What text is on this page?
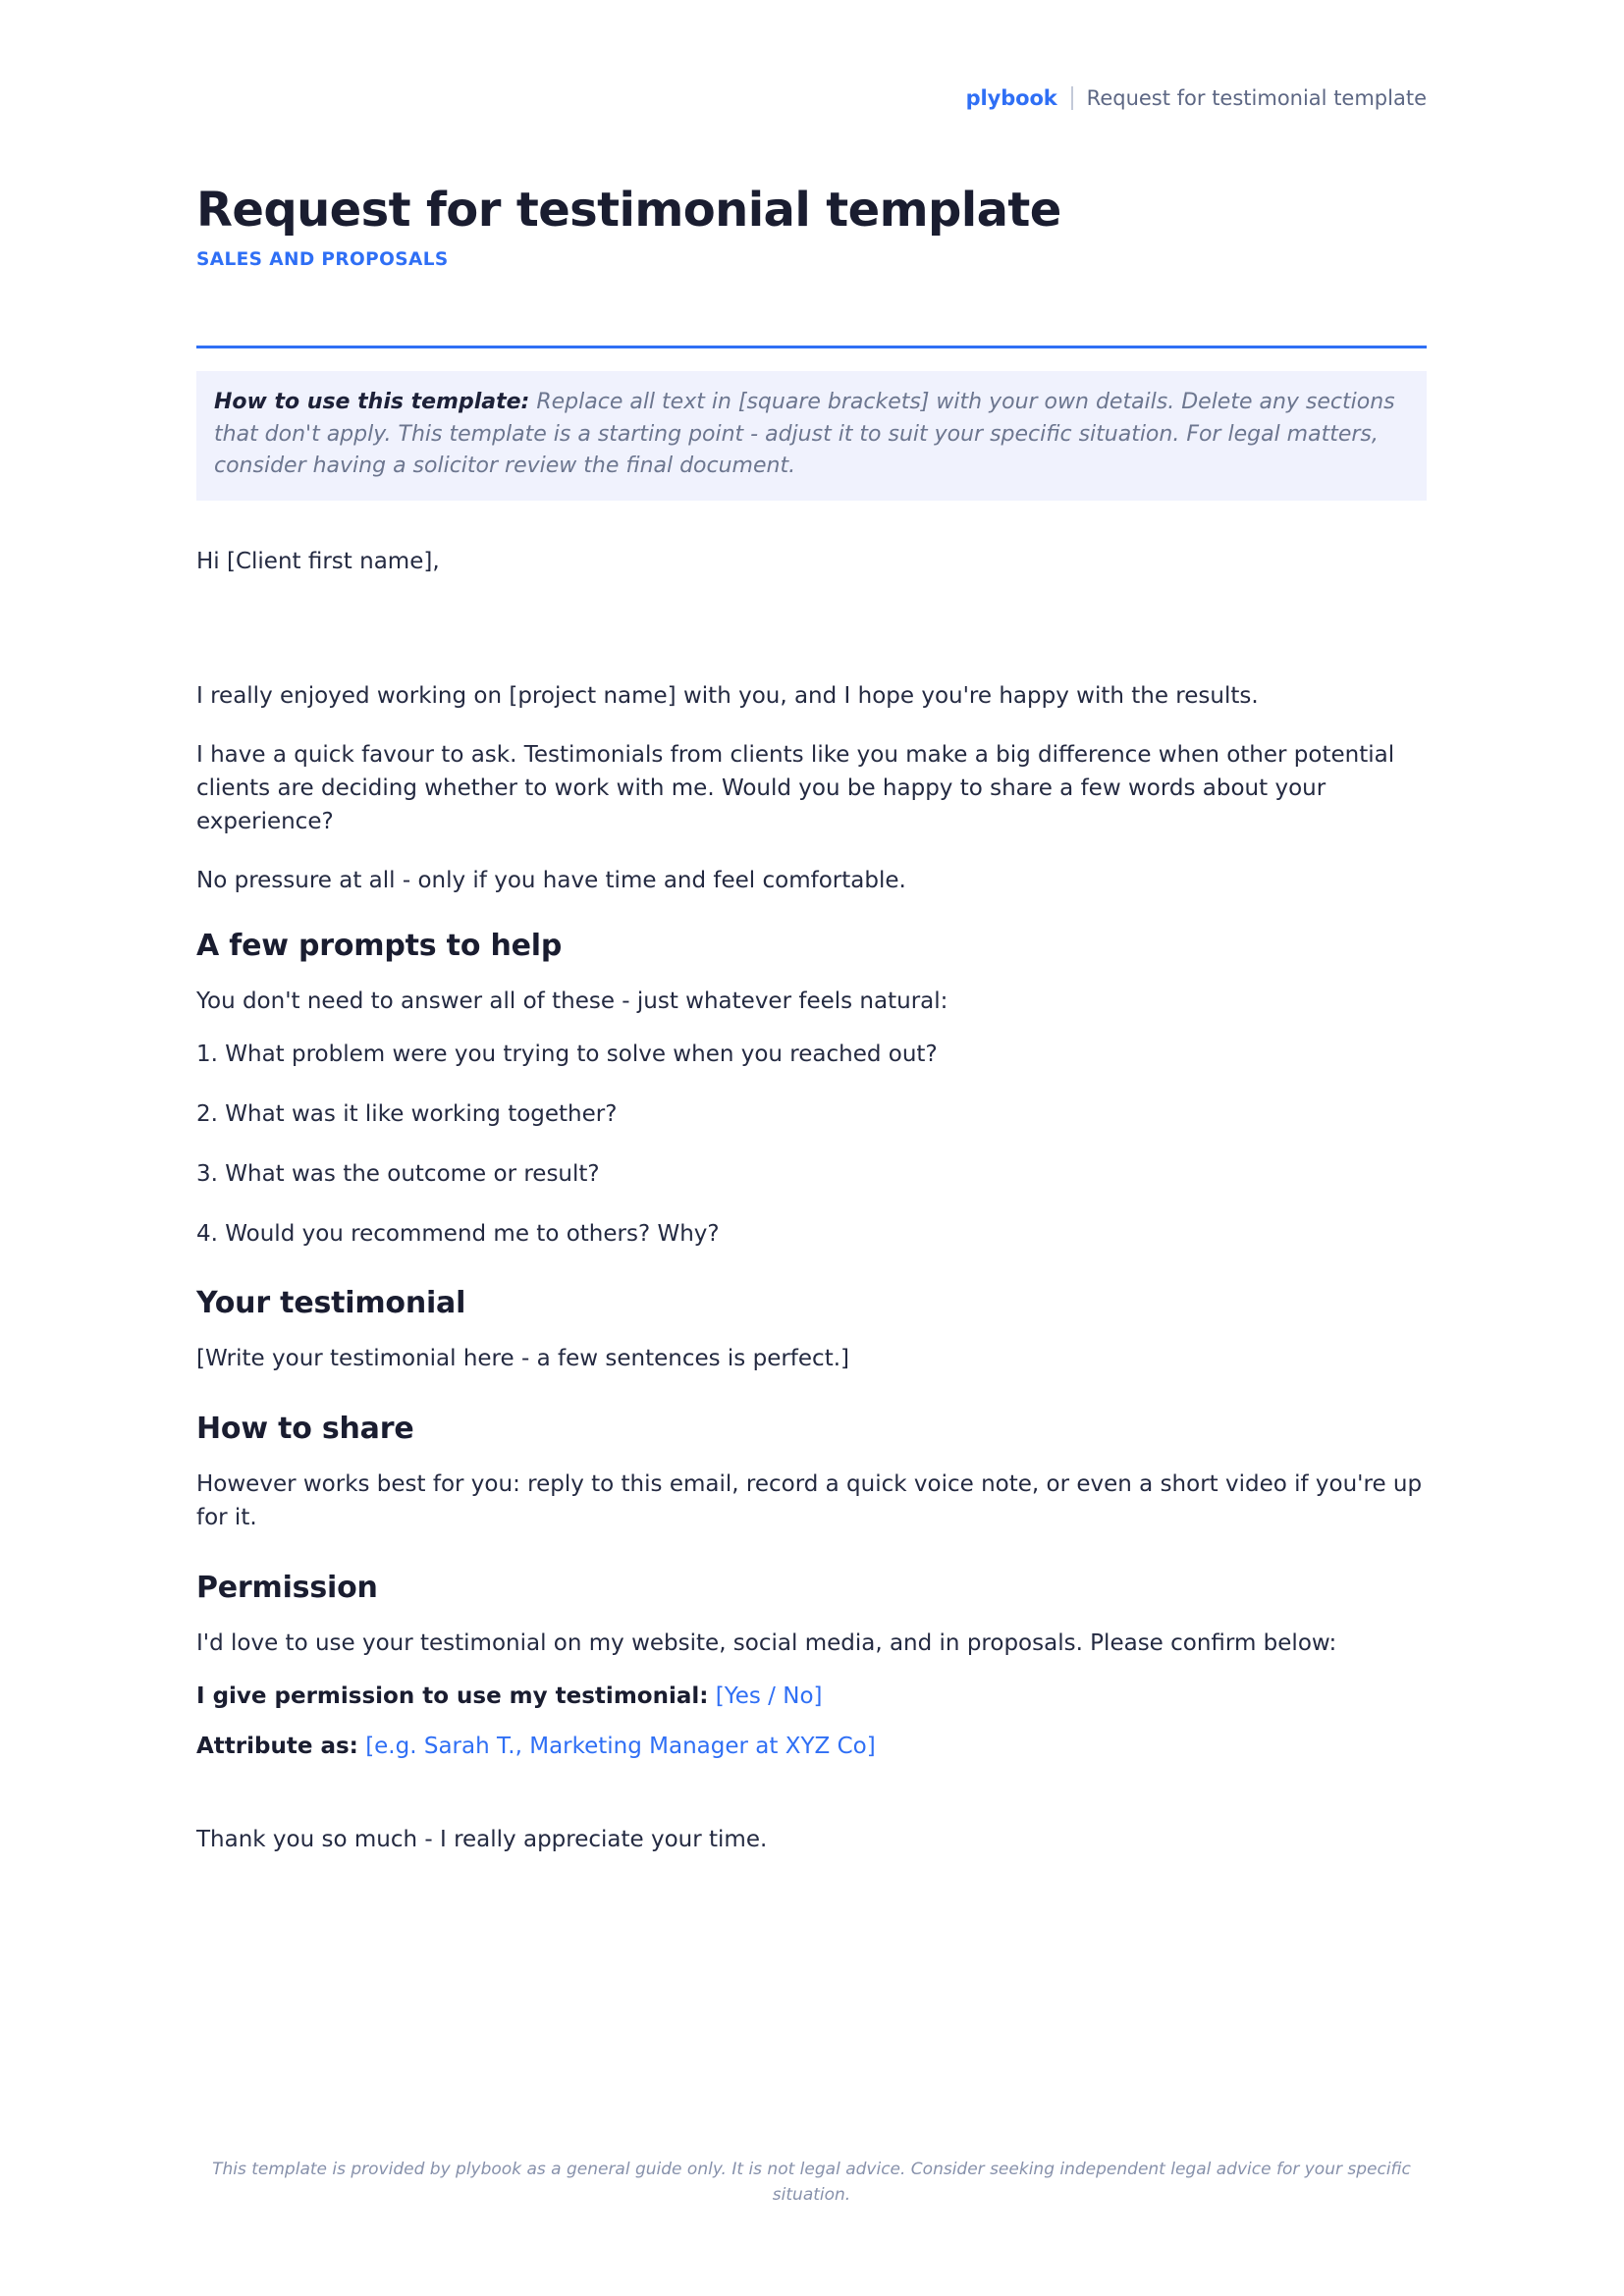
plybook Request for testimonial template
Request for testimonial template
SALES AND PROPOSALS

How to use this template: Replace all text in [square brackets] with your own details. Delete any sections that don't apply. This template is a starting point - adjust it to suit your specific situation. For legal matters, consider having a solicitor review the final document.

Hi [Client first name],

I really enjoyed working on [project name] with you, and I hope you're happy with the results.

I have a quick favour to ask. Testimonials from clients like you make a big difference when other potential clients are deciding whether to work with me. Would you be happy to share a few words about your experience?

No pressure at all - only if you have time and feel comfortable.

A few prompts to help

You don't need to answer all of these - just whatever feels natural:

1. What problem were you trying to solve when you reached out?

2. What was it like working together?

3. What was the outcome or result?

4. Would you recommend me to others? Why?

Your testimonial

[Write your testimonial here - a few sentences is perfect.]

How to share

However works best for you: reply to this email, record a quick voice note, or even a short video if you're up for it.

Permission

I'd love to use your testimonial on my website, social media, and in proposals. Please confirm below:

I give permission to use my testimonial: [Yes / No]

Attribute as: [e.g. Sarah T., Marketing Manager at XYZ Co]

Thank you so much - I really appreciate your time.

This template is provided by plybook as a general guide only. It is not legal advice. Consider seeking independent legal advice for your specific situation.
